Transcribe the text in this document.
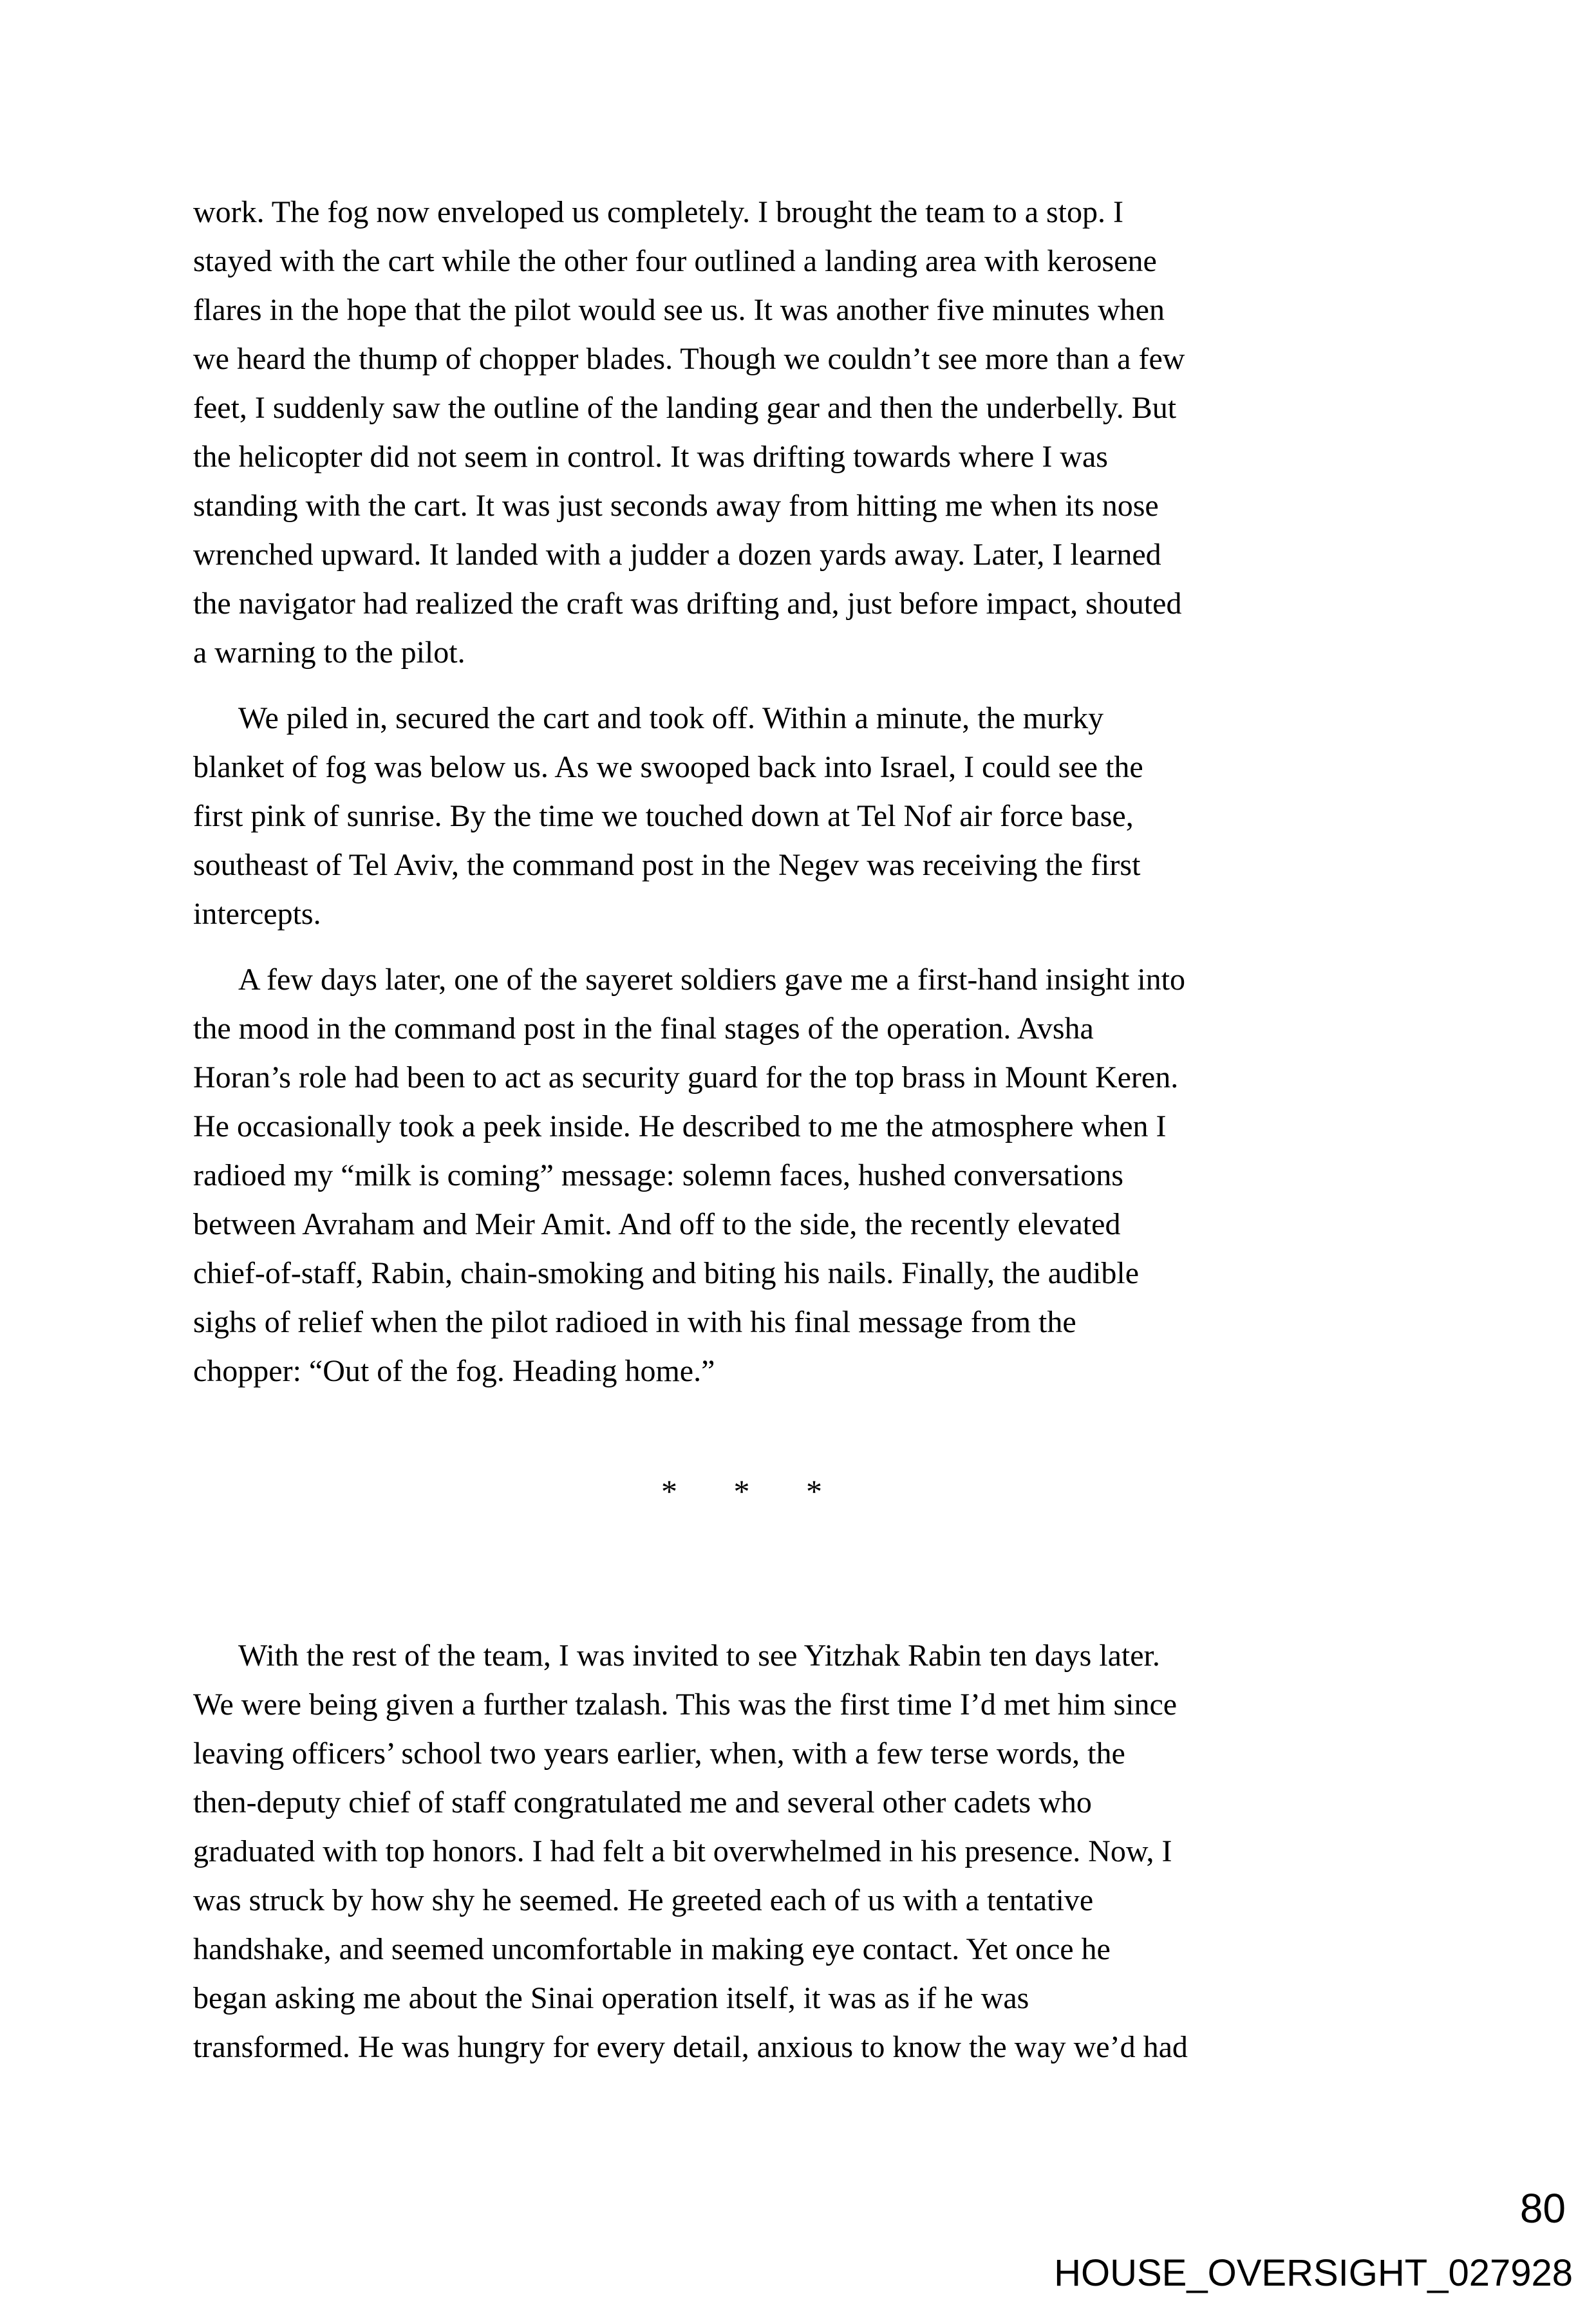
work. The fog now enveloped us completely. I brought the team to a stop. I
stayed with the cart while the other four outlined a landing area with kerosene
flares in the hope that the pilot would see us. It was another five minutes when
we heard the thump of chopper blades. Though we couldn’t see more than a few
feet, I suddenly saw the outline of the landing gear and then the underbelly. But
the helicopter did not seem in control. It was drifting towards where I was
standing with the cart. It was just seconds away from hitting me when its nose
wrenched upward. It landed with a judder a dozen yards away. Later, I learned
the navigator had realized the craft was drifting and, just before impact, shouted
a warning to the pilot.
We piled in, secured the cart and took off. Within a minute, the murky
blanket of fog was below us. As we swooped back into Israel, I could see the
first pink of sunrise. By the time we touched down at Tel Nof air force base,
southeast of Tel Aviv, the command post in the Negev was receiving the first
intercepts.
A few days later, one of the sayeret soldiers gave me a first-hand insight into
the mood in the command post in the final stages of the operation. Avsha
Horan’s role had been to act as security guard for the top brass in Mount Keren.
He occasionally took a peek inside. He described to me the atmosphere when I
radioed my “milk is coming” message: solemn faces, hushed conversations
between Avraham and Meir Amit. And off to the side, the recently elevated
chief-of-staff, Rabin, chain-smoking and biting his nails. Finally, the audible
sighs of relief when the pilot radioed in with his final message from the
chopper: “Out of the fog. Heading home.”
* * *
With the rest of the team, I was invited to see Yitzhak Rabin ten days later.
We were being given a further tzalash. This was the first time I’d met him since
leaving officers’ school two years earlier, when, with a few terse words, the
then-deputy chief of staff congratulated me and several other cadets who
graduated with top honors. I had felt a bit overwhelmed in his presence. Now, I
was struck by how shy he seemed. He greeted each of us with a tentative
handshake, and seemed uncomfortable in making eye contact. Yet once he
began asking me about the Sinai operation itself, it was as if he was
transformed. He was hungry for every detail, anxious to know the way we’d had
80
HOUSE_OVERSIGHT_027928
